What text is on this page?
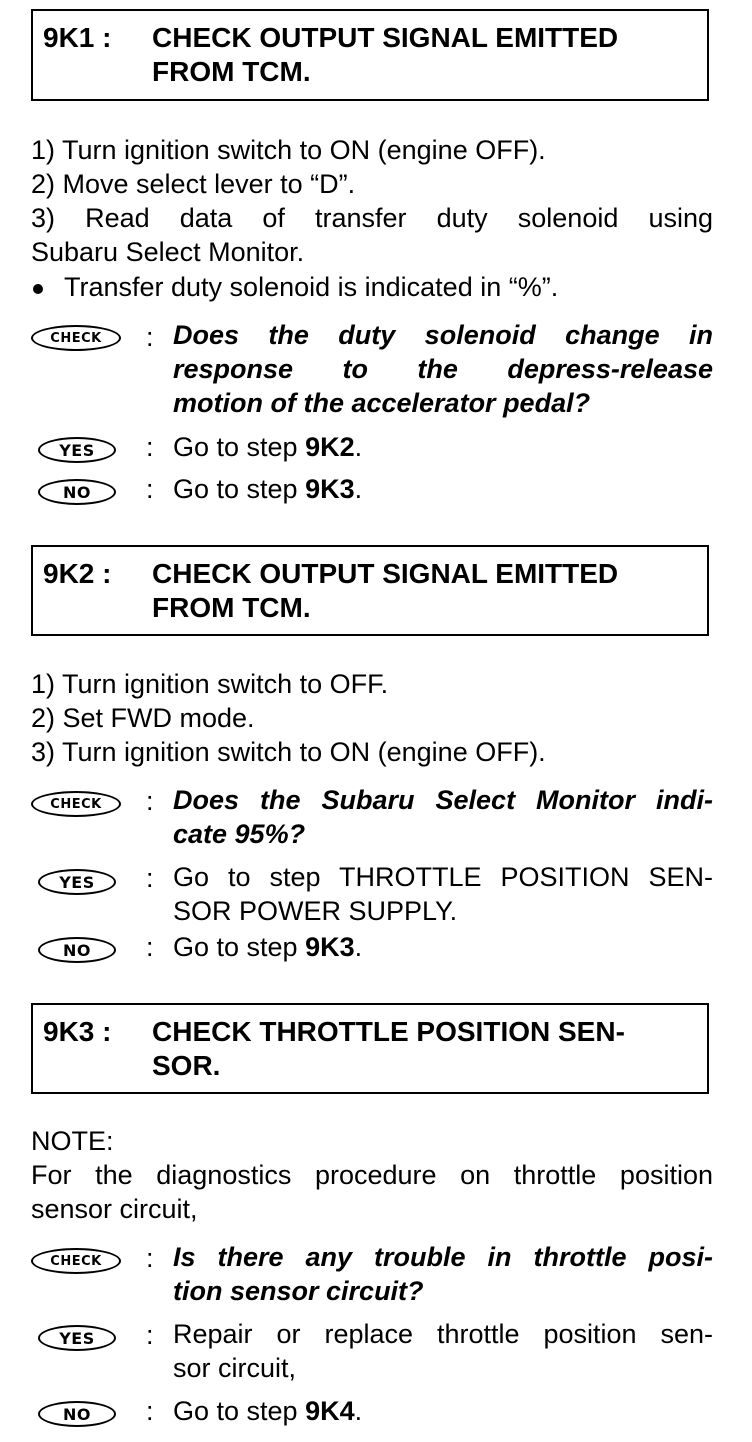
9K1 : CHECK OUTPUT SIGNAL EMITTED
FROM TCM.
1) Turn ignition switch to ON (engine OFF).
2) Move select lever to “D”.
3) Read data of transfer duty solenoid using
Subaru Select Monitor.
Transfer duty solenoid is indicated in “%”.
CHECK	: Does the duty solenoid change in
response to the depress-release
motion of the accelerator pedal?
YES	: Go to step 9K2.
NO	: Go to step 9K3.
9K2 : CHECK OUTPUT SIGNAL EMITTED
FROM TCM.
1) Turn ignition switch to OFF.
2) Set FWD mode.
3) Turn ignition switch to ON (engine OFF).
CHECK	: Does the Subaru Select Monitor indi-
cate 95%?
YES	: Go to step THROTTLE POSITION SEN-
SOR POWER SUPPLY.
NO	: Go to step 9K3.
9K3 : CHECK THROTTLE POSITION SEN-
SOR.
NOTE:
For the diagnostics procedure on throttle position
sensor circuit,
CHECK	: Is there any trouble in throttle posi-
tion sensor circuit?
YES	: Repair or replace throttle position sen-
sor circuit,
NO	: Go to step 9K4.
